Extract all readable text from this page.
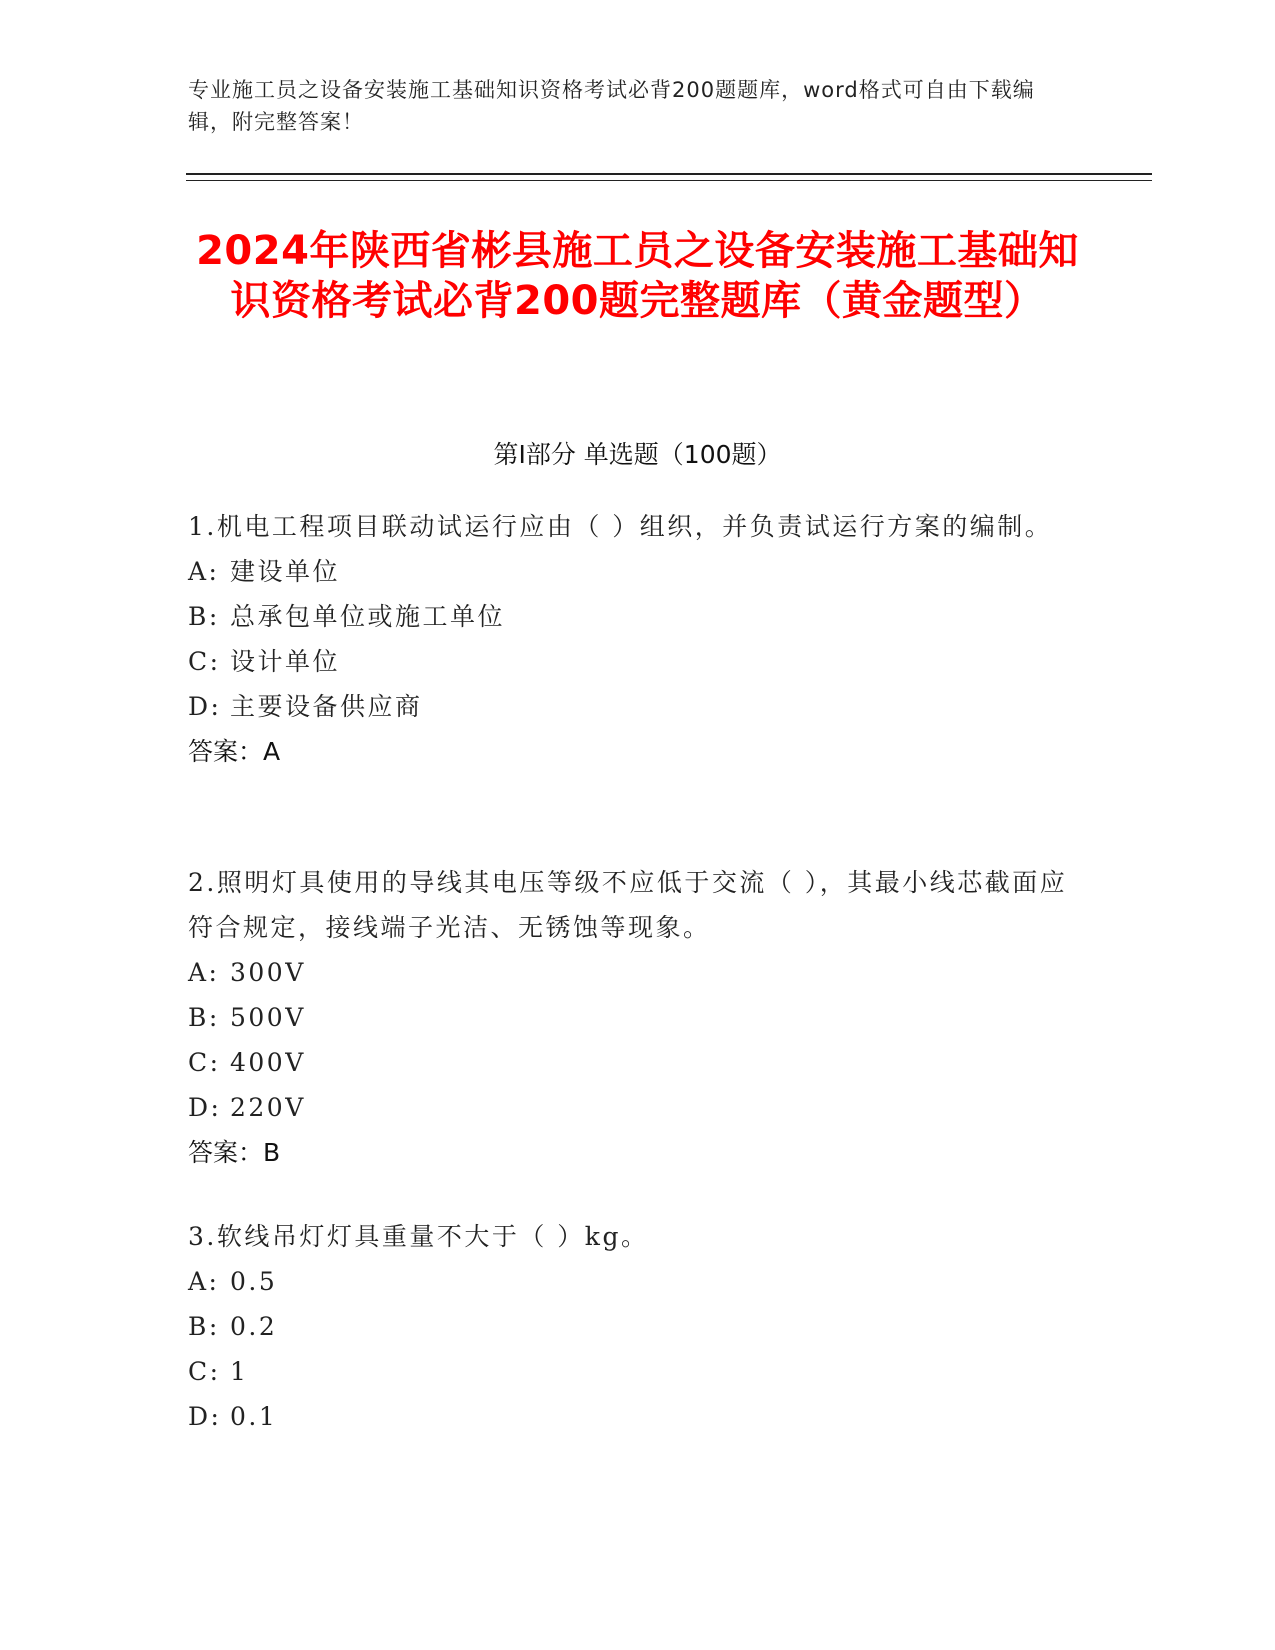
专业施工员之设备安装施工基础知识资格考试必背200题题库，word格式可自由下载编辑，附完整答案！
2024年陕西省彬县施工员之设备安装施工基础知识资格考试必背200题完整题库（黄金题型）
第Ⅰ部分 单选题（100题）
1.机电工程项目联动试运行应由（ ）组织，并负责试运行方案的编制。
A: 建设单位
B: 总承包单位或施工单位
C: 设计单位
D: 主要设备供应商
答案：A
2.照明灯具使用的导线其电压等级不应低于交流（ ），其最小线芯截面应符合规定，接线端子光洁、无锈蚀等现象。
A: 300V
B: 500V
C: 400V
D: 220V
答案：B
3.软线吊灯灯具重量不大于（ ）kg。
A: 0.5
B: 0.2
C: 1
D: 0.1
